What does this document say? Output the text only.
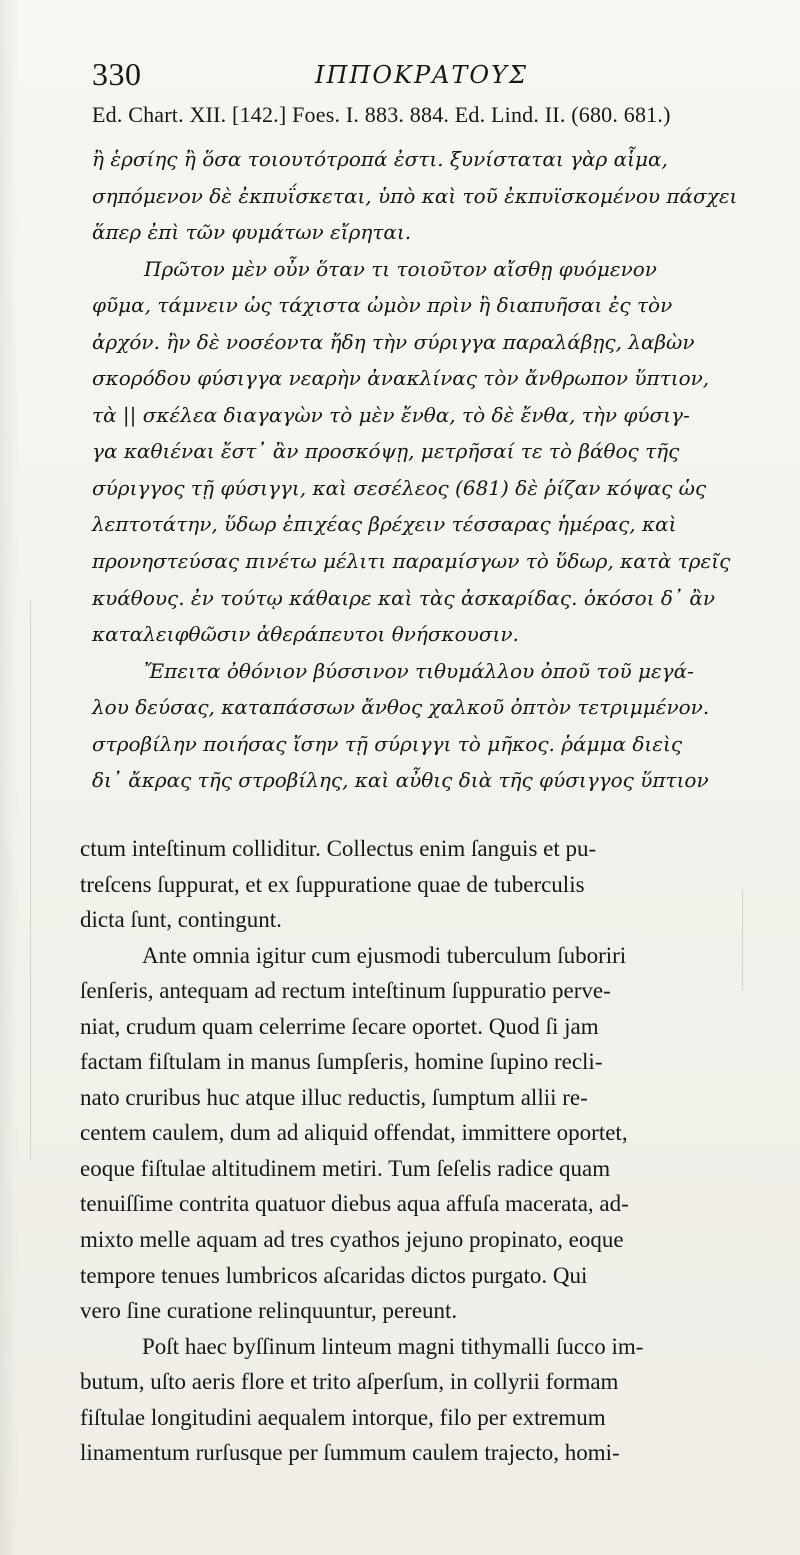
330	ΙΠΠΟΚΡΑΤΟΥΣ
Ed. Chart. XII. [142.] Foes. I. 883. 884. Ed. Lind. II. (680. 681.)
ἢ ἑρσίης ἢ ὅσα τοιουτότροπά ἐστι. ξυνίσταται γὰρ αἷμα,
σηπόμενον δὲ ἐκπυΐσκεται, ὑπὸ καὶ τοῦ ἐκπυϊσκομένου πάσχει
ἅπερ ἐπὶ τῶν φυμάτων εἴρηται.
Πρῶτον μὲν οὖν ὅταν τι τοιοῦτον αἴσθῃ φυόμενον
φῦμα, τάμνειν ὡς τάχιστα ὠμὸν πρὶν ἢ διαπυῆσαι ἐς τὸν
ἀρχόν. ἢν δὲ νοσέοντα ἤδη τὴν σύριγγα παραλάβῃς, λαβὼν
σκορόδου φύσιγγα νεαρὴν ἀνακλίνας τὸν ἄνθρωπον ὕπτιον,
τὰ || σκέλεα διαγαγὼν τὸ μὲν ἔνθα, τὸ δὲ ἔνθα, τὴν φύσιγ-
γα καθιέναι ἔστ᾽ ἂν προσκόψῃ, μετρῆσαί τε τὸ βάθος τῆς
σύριγγος τῇ φύσιγγι, καὶ σεσέλεος (681) δὲ ῥίζαν κόψας ὡς
λεπτοτάτην, ὕδωρ ἐπιχέας βρέχειν τέσσαρας ἡμέρας, καὶ
προνηστεύσας πινέτω μέλιτι παραμίσγων τὸ ὕδωρ, κατὰ τρεῖς
κυάθους. ἐν τούτῳ κάθαιρε καὶ τὰς ἀσκαρίδας. ὁκόσοι δ᾽ ἂν
καταλειφθῶσιν ἀθεράπευτοι θνήσκουσιν.
Ἔπειτα ὀθόνιον βύσσινον τιθυμάλλου ὀποῦ τοῦ μεγά-
λου δεύσας, καταπάσσων ἄνθος χαλκοῦ ὀπτὸν τετριμμένον.
στροβίλην ποιήσας ἴσην τῇ σύριγγι τὸ μῆκος. ῥάμμα διεὶς
δι᾽ ἄκρας τῆς στροβίλης, καὶ αὖθις διὰ τῆς φύσιγγος ὕπτιον
ctum inteſtinum colliditur. Collectus enim ſanguis et pu-
treſcens ſuppurat, et ex ſuppuratione quae de tuberculis
dicta ſunt, contingunt.
Ante omnia igitur cum ejusmodi tuberculum ſuboriri
ſenſeris, antequam ad rectum inteſtinum ſuppuratio perve-
niat, crudum quam celerrime ſecare oportet. Quod ſi jam
factam fiſtulam in manus ſumpſeris, homine ſupino recli-
nato cruribus huc atque illuc reductis, ſumptum allii re-
centem caulem, dum ad aliquid offendat, immittere oportet,
eoque fiſtulae altitudinem metiri. Tum ſeſelis radice quam
tenuiſſime contrita quatuor diebus aqua affuſa macerata, ad-
mixto melle aquam ad tres cyathos jejuno propinato, eoque
tempore tenues lumbricos aſcaridas dictos purgato. Qui
vero ſine curatione relinquuntur, pereunt.
Poſt haec byſſinum linteum magni tithymalli ſucco im-
butum, uſto aeris flore et trito aſperſum, in collyrii formam
fiſtulae longitudini aequalem intorque, filo per extremum
linamentum rurſusque per ſummum caulem trajecto, homi-
